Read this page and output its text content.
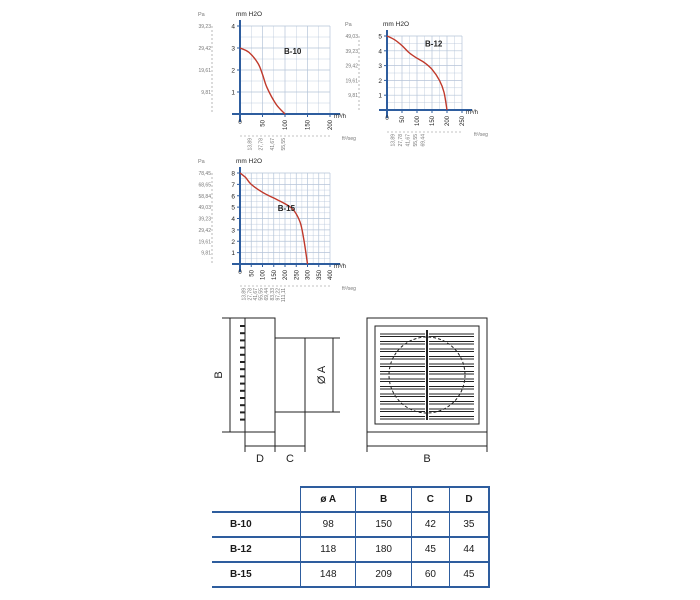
1
9,81
2
19,61
3
29,42
4
39,23
0	50	100	150	200
13,89 27,78 41,67 55,55
Pa	mm H2O
m³/h
ft³/seg
B-10
1
9,81
2
19,61
3
29,42
4
39,23
5
49,03
0 50 100 150 200 250
13,89 27,78 41,67 55,55 69,44
Pa	mm H2O
m³/h
ft³/seg
B-12
1
9,81
2
19,61
3
29,42
4
39,23
5
49,03
6
58,84
7
68,65
8
78,45
0 50 100 150 200 250 300 350 400
13,89 27,78 41,67 55,55 69,44 83,33 97,22 111,11
Pa	mm H2O
m³/h
ft³/seg
B-15
B	Ø A
D C	B
	ø A	B	C	D
B-10	98	150	42	35
B-12	118	180	45	44
B-15	148	209	60	45
